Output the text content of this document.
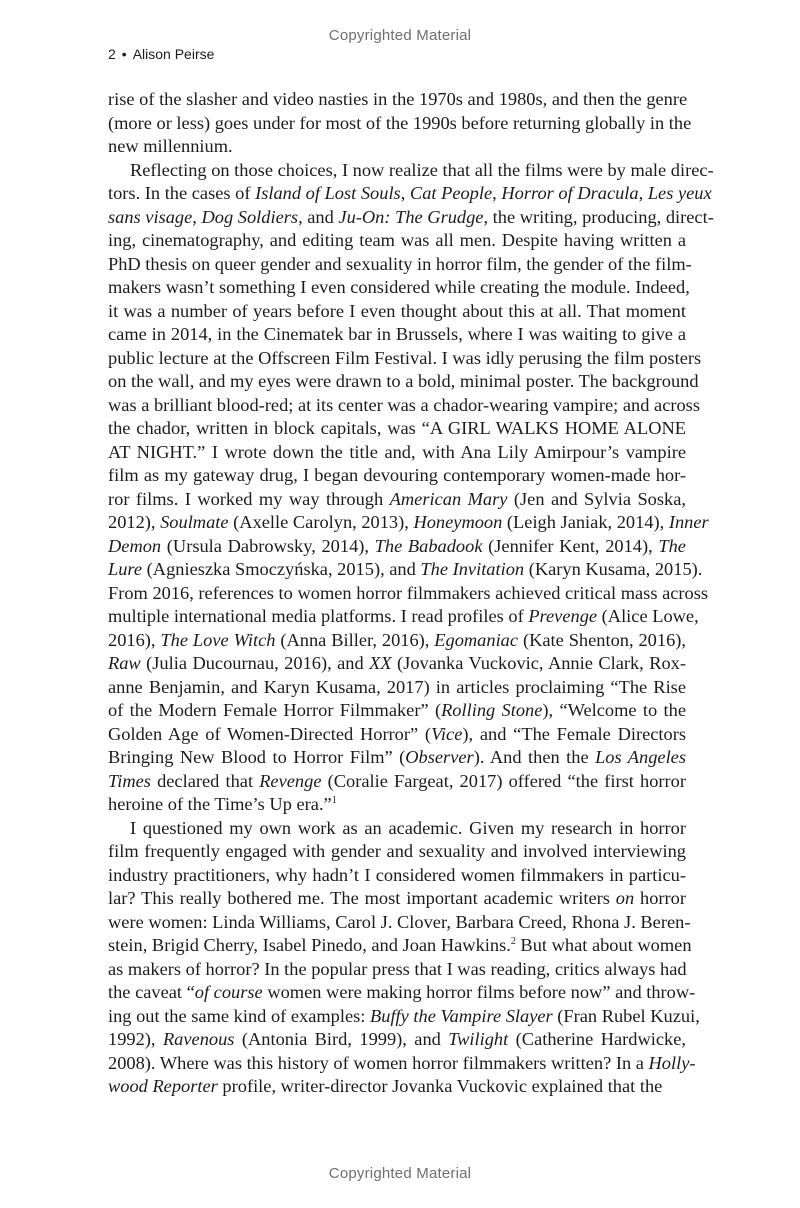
Copyrighted Material
2 • Alison Peirse
rise of the slasher and video nasties in the 1970s and 1980s, and then the genre
(more or less) goes under for most of the 1990s before returning globally in the
new millennium.
Reflecting on those choices, I now realize that all the films were by male direc-
tors. In the cases of Island of Lost Souls, Cat People, Horror of Dracula, Les yeux
sans visage, Dog Soldiers, and Ju-On: The Grudge, the writing, producing, direct-
ing, cinematography, and editing team was all men. Despite having written a
PhD thesis on queer gender and sexuality in horror film, the gender of the film-
makers wasn’t something I even considered while creating the module. Indeed,
it was a number of years before I even thought about this at all. That moment
came in 2014, in the Cinematek bar in Brussels, where I was waiting to give a
public lecture at the Offscreen Film Festival. I was idly perusing the film posters
on the wall, and my eyes were drawn to a bold, minimal poster. The background
was a brilliant blood-red; at its center was a chador-wearing vampire; and across
the chador, written in block capitals, was “A GIRL WALKS HOME ALONE
AT NIGHT.” I wrote down the title and, with Ana Lily Amirpour’s vampire
film as my gateway drug, I began devouring contemporary women-made hor-
ror films. I worked my way through American Mary (Jen and Sylvia Soska,
2012), Soulmate (Axelle Carolyn, 2013), Honeymoon (Leigh Janiak, 2014), Inner
Demon (Ursula Dabrowsky, 2014), The Babadook (Jennifer Kent, 2014), The
Lure (Agnieszka Smoczyńska, 2015), and The Invitation (Karyn Kusama, 2015).
From 2016, references to women horror filmmakers achieved critical mass across
multiple international media platforms. I read profiles of Prevenge (Alice Lowe,
2016), The Love Witch (Anna Biller, 2016), Egomaniac (Kate Shenton, 2016),
Raw (Julia Ducournau, 2016), and XX (Jovanka Vuckovic, Annie Clark, Rox-
anne Benjamin, and Karyn Kusama, 2017) in articles proclaiming “The Rise
of the Modern Female Horror Filmmaker” (Rolling Stone), “Welcome to the
Golden Age of Women-Directed Horror” (Vice), and “The Female Directors
Bringing New Blood to Horror Film” (Observer). And then the Los Angeles
Times declared that Revenge (Coralie Fargeat, 2017) offered “the first horror
heroine of the Time’s Up era.”$^1$
I questioned my own work as an academic. Given my research in horror
film frequently engaged with gender and sexuality and involved interviewing
industry practitioners, why hadn’t I considered women filmmakers in particu-
lar? This really bothered me. The most important academic writers on horror
were women: Linda Williams, Carol J. Clover, Barbara Creed, Rhona J. Beren-
stein, Brigid Cherry, Isabel Pinedo, and Joan Hawkins.$^2$ But what about women
as makers of horror? In the popular press that I was reading, critics always had
the caveat “of course women were making horror films before now” and throw-
ing out the same kind of examples: Buffy the Vampire Slayer (Fran Rubel Kuzui,
1992), Ravenous (Antonia Bird, 1999), and Twilight (Catherine Hardwicke,
2008). Where was this history of women horror filmmakers written? In a Holly-
wood Reporter profile, writer-director Jovanka Vuckovic explained that the
Copyrighted Material
